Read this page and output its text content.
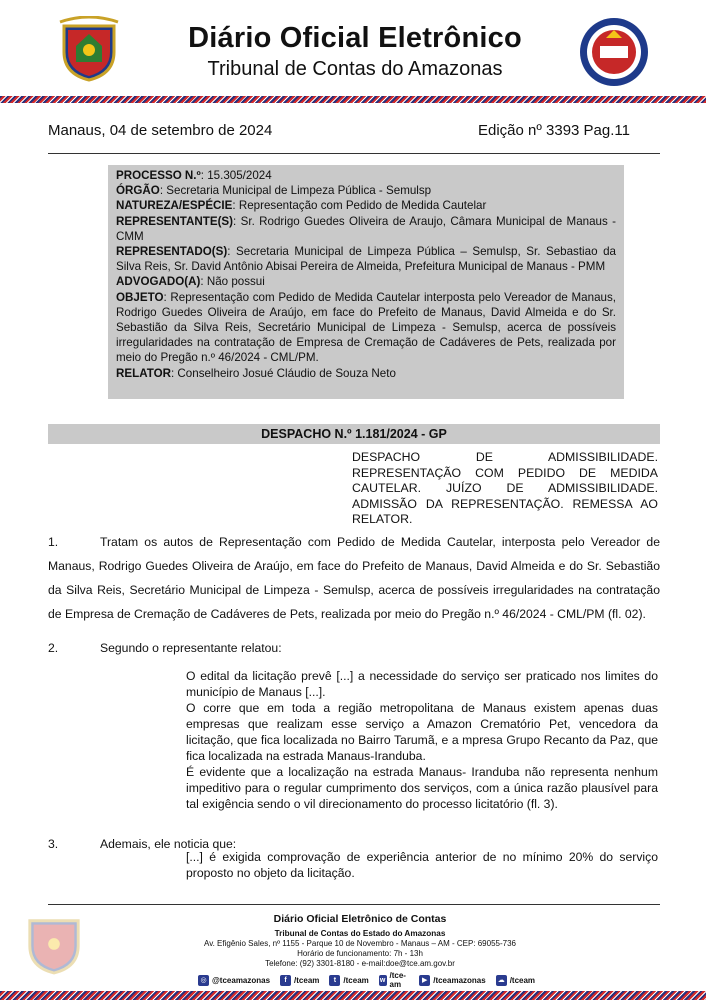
Diário Oficial Eletrônico
Tribunal de Contas do Amazonas
Manaus, 04 de setembro de 2024	Edição nº 3393 Pag.11
PROCESSO N.º: 15.305/2024
ÓRGÃO: Secretaria Municipal de Limpeza Pública - Semulsp
NATUREZA/ESPÉCIE: Representação com Pedido de Medida Cautelar
REPRESENTANTE(S): Sr. Rodrigo Guedes Oliveira de Araujo, Câmara Municipal de Manaus - CMM
REPRESENTADO(S): Secretaria Municipal de Limpeza Pública – Semulsp, Sr. Sebastiao da Silva Reis, Sr. David Antônio Abisai Pereira de Almeida, Prefeitura Municipal de Manaus - PMM
ADVOGADO(A): Não possui
OBJETO: Representação com Pedido de Medida Cautelar interposta pelo Vereador de Manaus, Rodrigo Guedes Oliveira de Araújo, em face do Prefeito de Manaus, David Almeida e do Sr. Sebastião da Silva Reis, Secretário Municipal de Limpeza - Semulsp, acerca de possíveis irregularidades na contratação de Empresa de Cremação de Cadáveres de Pets, realizada por meio do Pregão n.º 46/2024 - CML/PM.
RELATOR: Conselheiro Josué Cláudio de Souza Neto
DESPACHO N.º 1.181/2024 - GP
DESPACHO DE ADMISSIBILIDADE. REPRESENTAÇÃO COM PEDIDO DE MEDIDA CAUTELAR. JUÍZO DE ADMISSIBILIDADE. ADMISSÃO DA REPRESENTAÇÃO. REMESSA AO RELATOR.
1.	Tratam os autos de Representação com Pedido de Medida Cautelar, interposta pelo Vereador de Manaus, Rodrigo Guedes Oliveira de Araújo, em face do Prefeito de Manaus, David Almeida e do Sr. Sebastião da Silva Reis, Secretário Municipal de Limpeza - Semulsp, acerca de possíveis irregularidades na contratação de Empresa de Cremação de Cadáveres de Pets, realizada por meio do Pregão n.º 46/2024 - CML/PM (fl. 02).
2.	Segundo o representante relatou:
O edital da licitação prevê [...] a necessidade do serviço ser praticado nos limites do município de Manaus [...].
O corre que em toda a região metropolitana de Manaus existem apenas duas empresas que realizam esse serviço a Amazon Crematório Pet, vencedora da licitação, que fica localizada no Bairro Tarumã, e a mpresa Grupo Recanto da Paz, que fica localizada na estrada Manaus-Iranduba.
É evidente que a localização na estrada Manaus- Iranduba não representa nenhum impeditivo para o regular cumprimento dos serviços, com a única razão plausível para tal exigência sendo o vil direcionamento do processo licitatório (fl. 3).
3.	Ademais, ele noticia que:
[...] é exigida comprovação de experiência anterior de no mínimo 20% do serviço proposto no objeto da licitação.
Diário Oficial Eletrônico de Contas
Tribunal de Contas do Estado do Amazonas
Av. Efigênio Sales, nº 1155 - Parque 10 de Novembro - Manaus – AM - CEP: 69055-736
Horário de funcionamento: 7h - 13h
Telefone: (92) 3301-8180 - e-mail:doe@tce.am.gov.br
◎ @tceamazonas	f /tceam	t /tceam w /tce-am	▶ /tceamazonas ☁ /tceam
